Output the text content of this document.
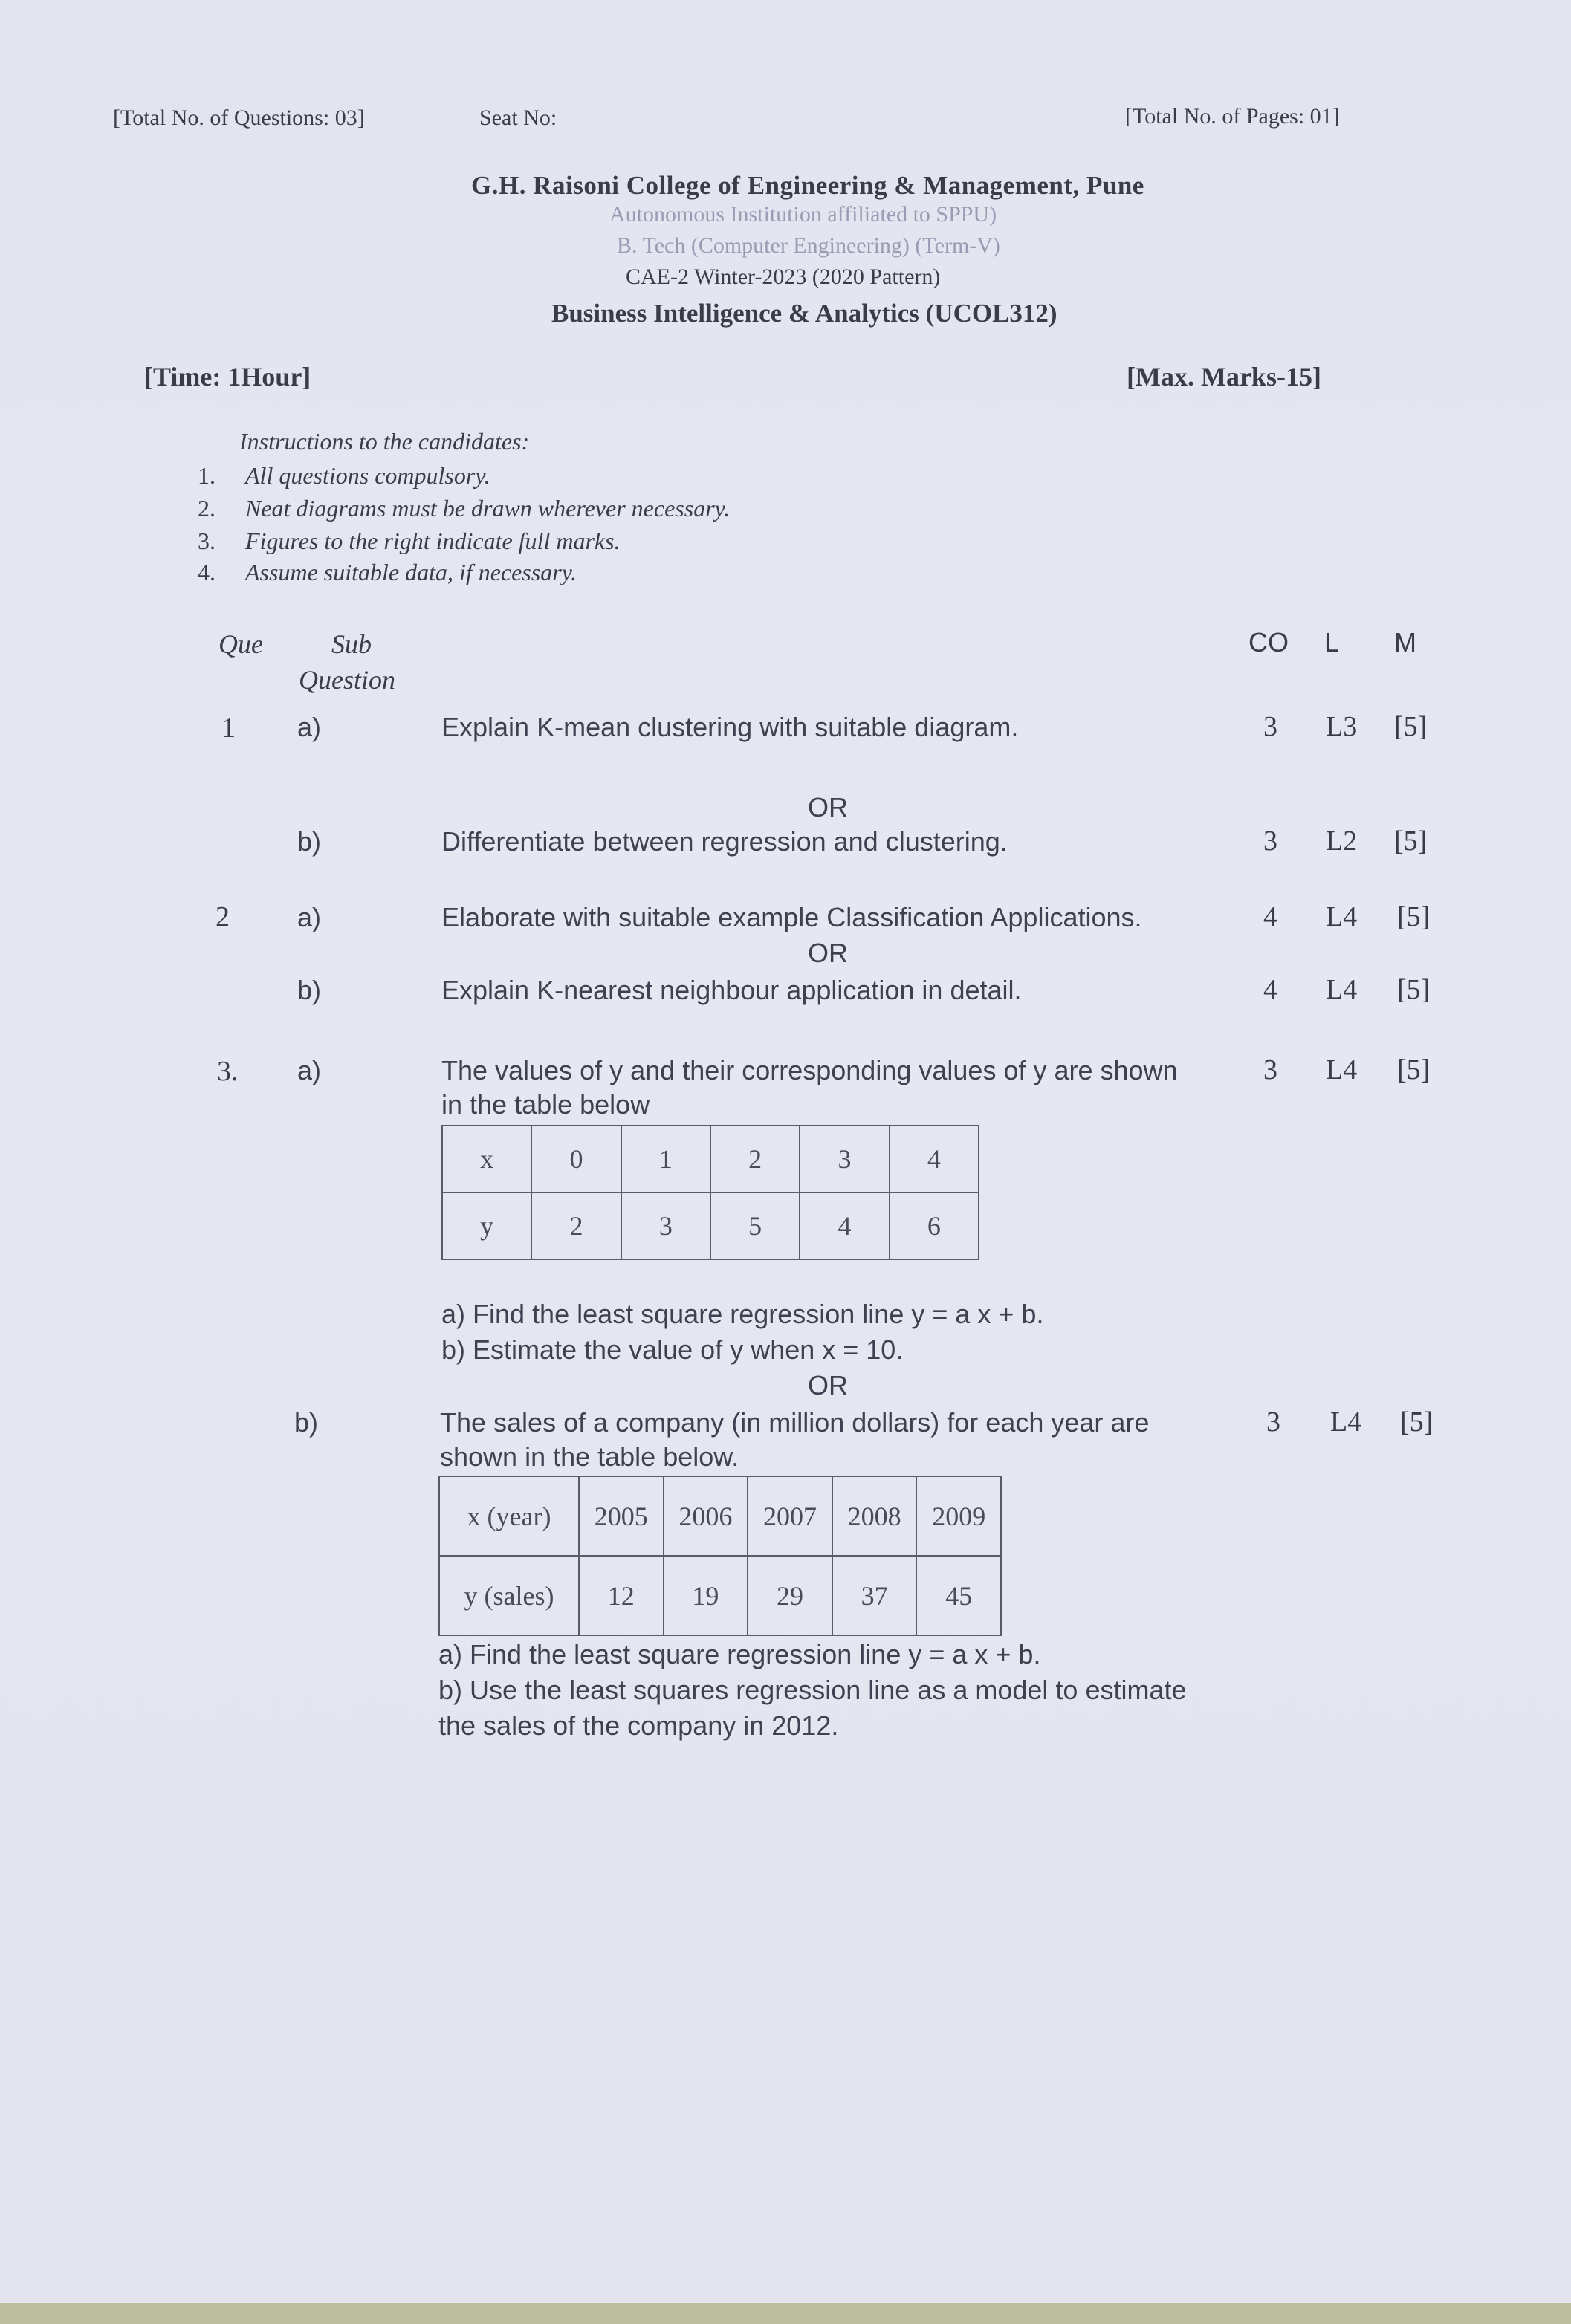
[Total No. of Questions: 03]	Seat No:	[Total No. of Pages: 01]
G.H. Raisoni College of Engineering & Management, Pune
Autonomous Institution affiliated to SPPU)
B. Tech (Computer Engineering) (Term-V)
CAE-2 Winter-2023 (2020 Pattern)
Business Intelligence & Analytics (UCOL312)
[Time: 1Hour]	[Max. Marks-15]
Instructions to the candidates:
1. All questions compulsory.
2. Neat diagrams must be drawn wherever necessary.
3. Figures to the right indicate full marks.
4. Assume suitable data, if necessary.
Que	Sub
Question
CO L M
1 a)	Explain K-mean clustering with suitable diagram.	3 L3 [5]
OR
b)	Differentiate between regression and clustering.	3 L2 [5]
2	a)	Elaborate with suitable example Classification Applications.	4 L4 [5]
OR
b)	Explain K-nearest neighbour application in detail.	4 L4 [5]
3. a)	The values of y and their corresponding values of y are shown
in the table below
3 L4 [5]
x	0	1	2	3	4
y	2	3	5	4	6
a) Find the least square regression line y = a x + b.
b) Estimate the value of y when x = 10.
OR
b)	The sales of a company (in million dollars) for each year are
shown in the table below.
3 L4 [5]
x (year)	2005	2006	2007	2008	2009
y (sales)	12	19	29	37	45
a) Find the least square regression line y = a x + b.
b) Use the least squares regression line as a model to estimate
the sales of the company in 2012.
